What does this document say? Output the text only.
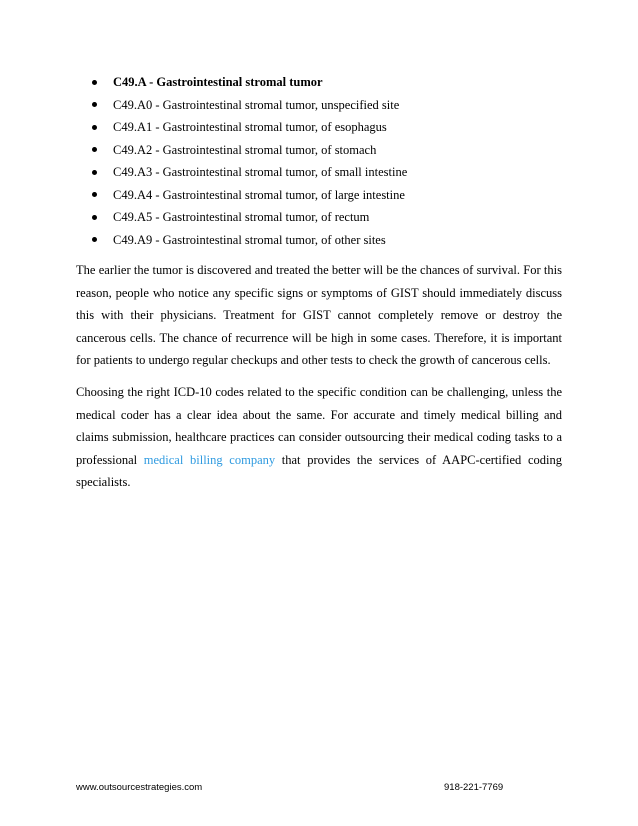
C49.A - Gastrointestinal stromal tumor
C49.A0 - Gastrointestinal stromal tumor, unspecified site
C49.A1 - Gastrointestinal stromal tumor, of esophagus
C49.A2 - Gastrointestinal stromal tumor, of stomach
C49.A3 - Gastrointestinal stromal tumor, of small intestine
C49.A4 - Gastrointestinal stromal tumor, of large intestine
C49.A5 - Gastrointestinal stromal tumor, of rectum
C49.A9 - Gastrointestinal stromal tumor, of other sites

The earlier the tumor is discovered and treated the better will be the chances of survival. For this reason, people who notice any specific signs or symptoms of GIST should immediately discuss this with their physicians. Treatment for GIST cannot completely remove or destroy the cancerous cells. The chance of recurrence will be high in some cases. Therefore, it is important for patients to undergo regular checkups and other tests to check the growth of cancerous cells.

Choosing the right ICD-10 codes related to the specific condition can be challenging, unless the medical coder has a clear idea about the same. For accurate and timely medical billing and claims submission, healthcare practices can consider outsourcing their medical coding tasks to a professional medical billing company that provides the services of AAPC-certified coding specialists.

www.outsourcestrategies.com	918-221-7769
